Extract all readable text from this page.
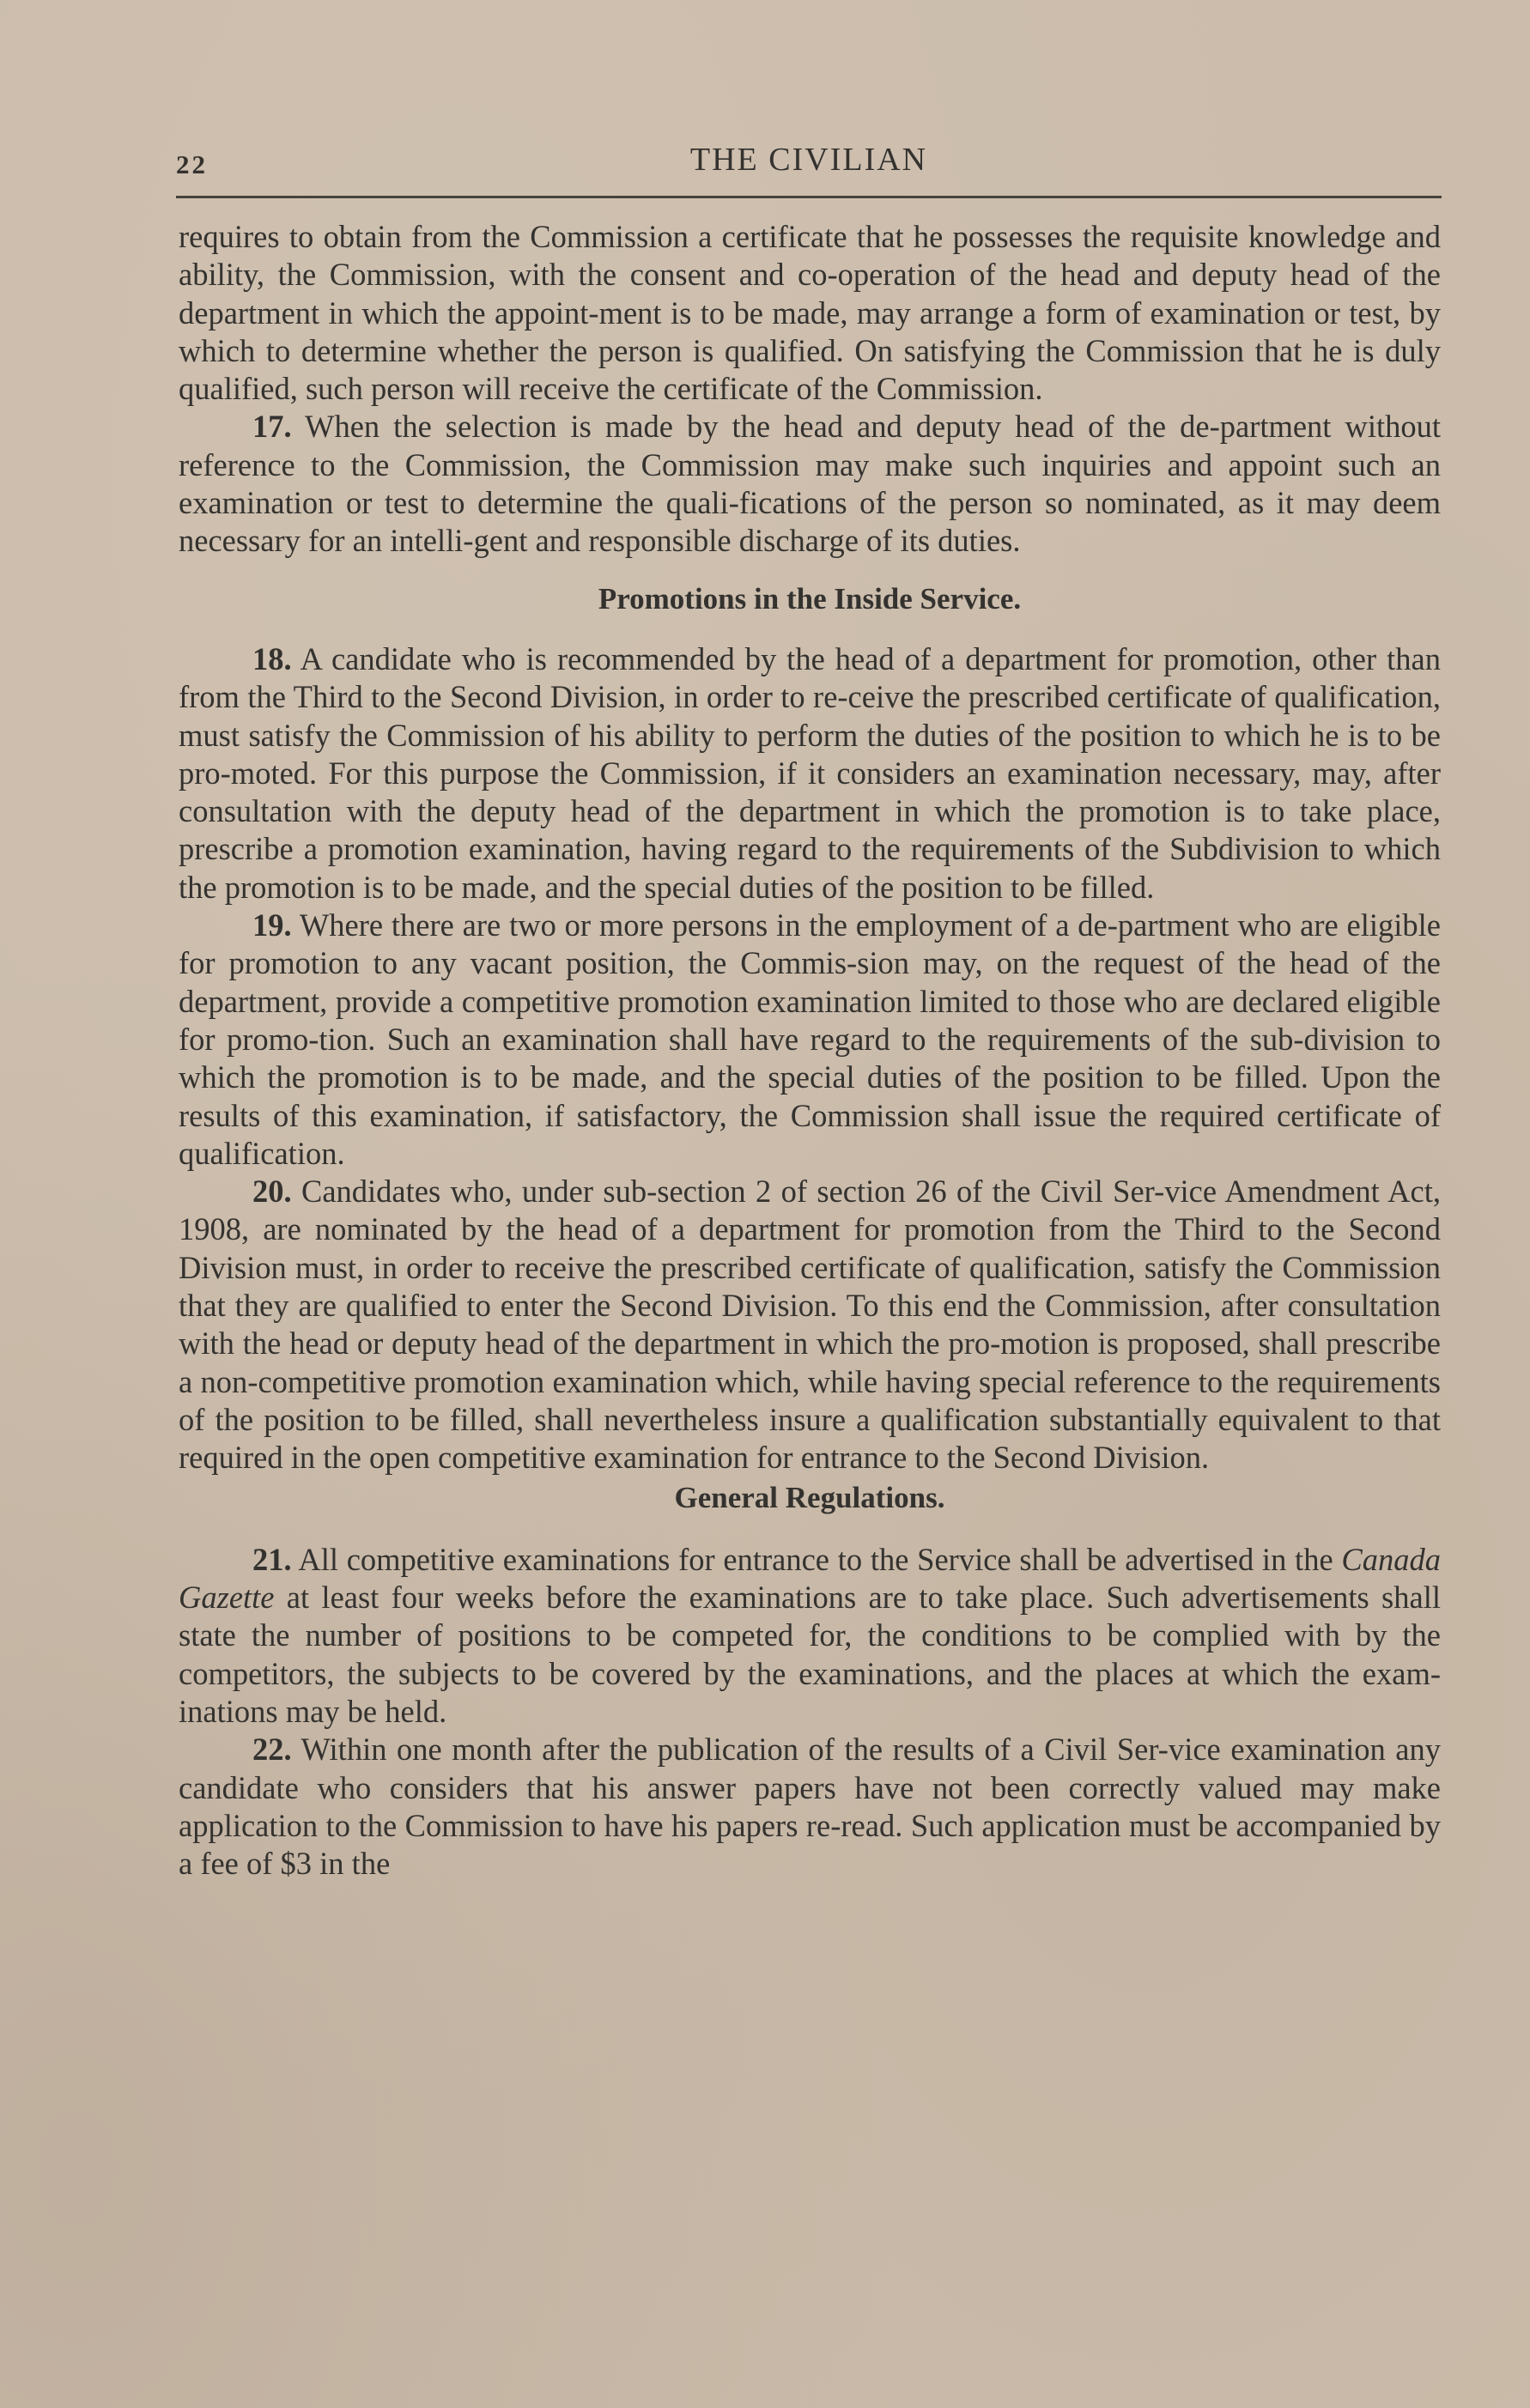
22	THE CIVILIAN

requires to obtain from the Commission a certificate that he possesses the requisite knowledge and ability, the Commission, with the consent and co-operation of the head and deputy head of the department in which the appoint-ment is to be made, may arrange a form of examination or test, by which to determine whether the person is qualified. On satisfying the Commission that he is duly qualified, such person will receive the certificate of the Commission.

17. When the selection is made by the head and deputy head of the de-partment without reference to the Commission, the Commission may make such inquiries and appoint such an examination or test to determine the quali-fications of the person so nominated, as it may deem necessary for an intelli-gent and responsible discharge of its duties.

Promotions in the Inside Service.

18. A candidate who is recommended by the head of a department for promotion, other than from the Third to the Second Division, in order to re-ceive the prescribed certificate of qualification, must satisfy the Commission of his ability to perform the duties of the position to which he is to be pro-moted. For this purpose the Commission, if it considers an examination necessary, may, after consultation with the deputy head of the department in which the promotion is to take place, prescribe a promotion examination, having regard to the requirements of the Subdivision to which the promotion is to be made, and the special duties of the position to be filled.

19. Where there are two or more persons in the employment of a de-partment who are eligible for promotion to any vacant position, the Commis-sion may, on the request of the head of the department, provide a competitive promotion examination limited to those who are declared eligible for promo-tion. Such an examination shall have regard to the requirements of the sub-division to which the promotion is to be made, and the special duties of the position to be filled. Upon the results of this examination, if satisfactory, the Commission shall issue the required certificate of qualification.

20. Candidates who, under sub-section 2 of section 26 of the Civil Ser-vice Amendment Act, 1908, are nominated by the head of a department for promotion from the Third to the Second Division must, in order to receive the prescribed certificate of qualification, satisfy the Commission that they are qualified to enter the Second Division. To this end the Commission, after consultation with the head or deputy head of the department in which the pro-motion is proposed, shall prescribe a non-competitive promotion examination which, while having special reference to the requirements of the position to be filled, shall nevertheless insure a qualification substantially equivalent to that required in the open competitive examination for entrance to the Second Division.

General Regulations.

21. All competitive examinations for entrance to the Service shall be advertised in the Canada Gazette at least four weeks before the examinations are to take place. Such advertisements shall state the number of positions to be competed for, the conditions to be complied with by the competitors, the subjects to be covered by the examinations, and the places at which the exam-inations may be held.

22. Within one month after the publication of the results of a Civil Ser-vice examination any candidate who considers that his answer papers have not been correctly valued may make application to the Commission to have his papers re-read. Such application must be accompanied by a fee of $3 in the
